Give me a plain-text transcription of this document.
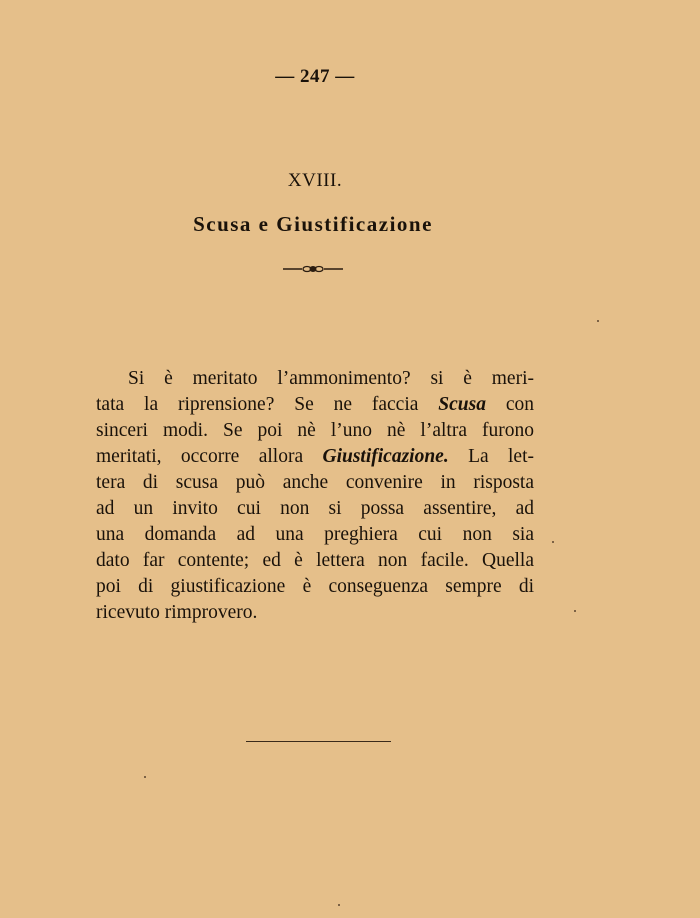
— 247 —
XVIII.
Scusa e Giustificazione
Si è meritato l’ammonimento? si è meri-
tata la riprensione? Se ne faccia Scusa con
sinceri modi. Se poi nè l’uno nè l’altra furono
meritati, occorre allora Giustificazione. La let-
tera di scusa può anche convenire in risposta
ad un invito cui non si possa assentire, ad
una domanda ad una preghiera cui non sia
dato far contente; ed è lettera non facile. Quella
poi di giustificazione è conseguenza sempre di
ricevuto rimprovero.
